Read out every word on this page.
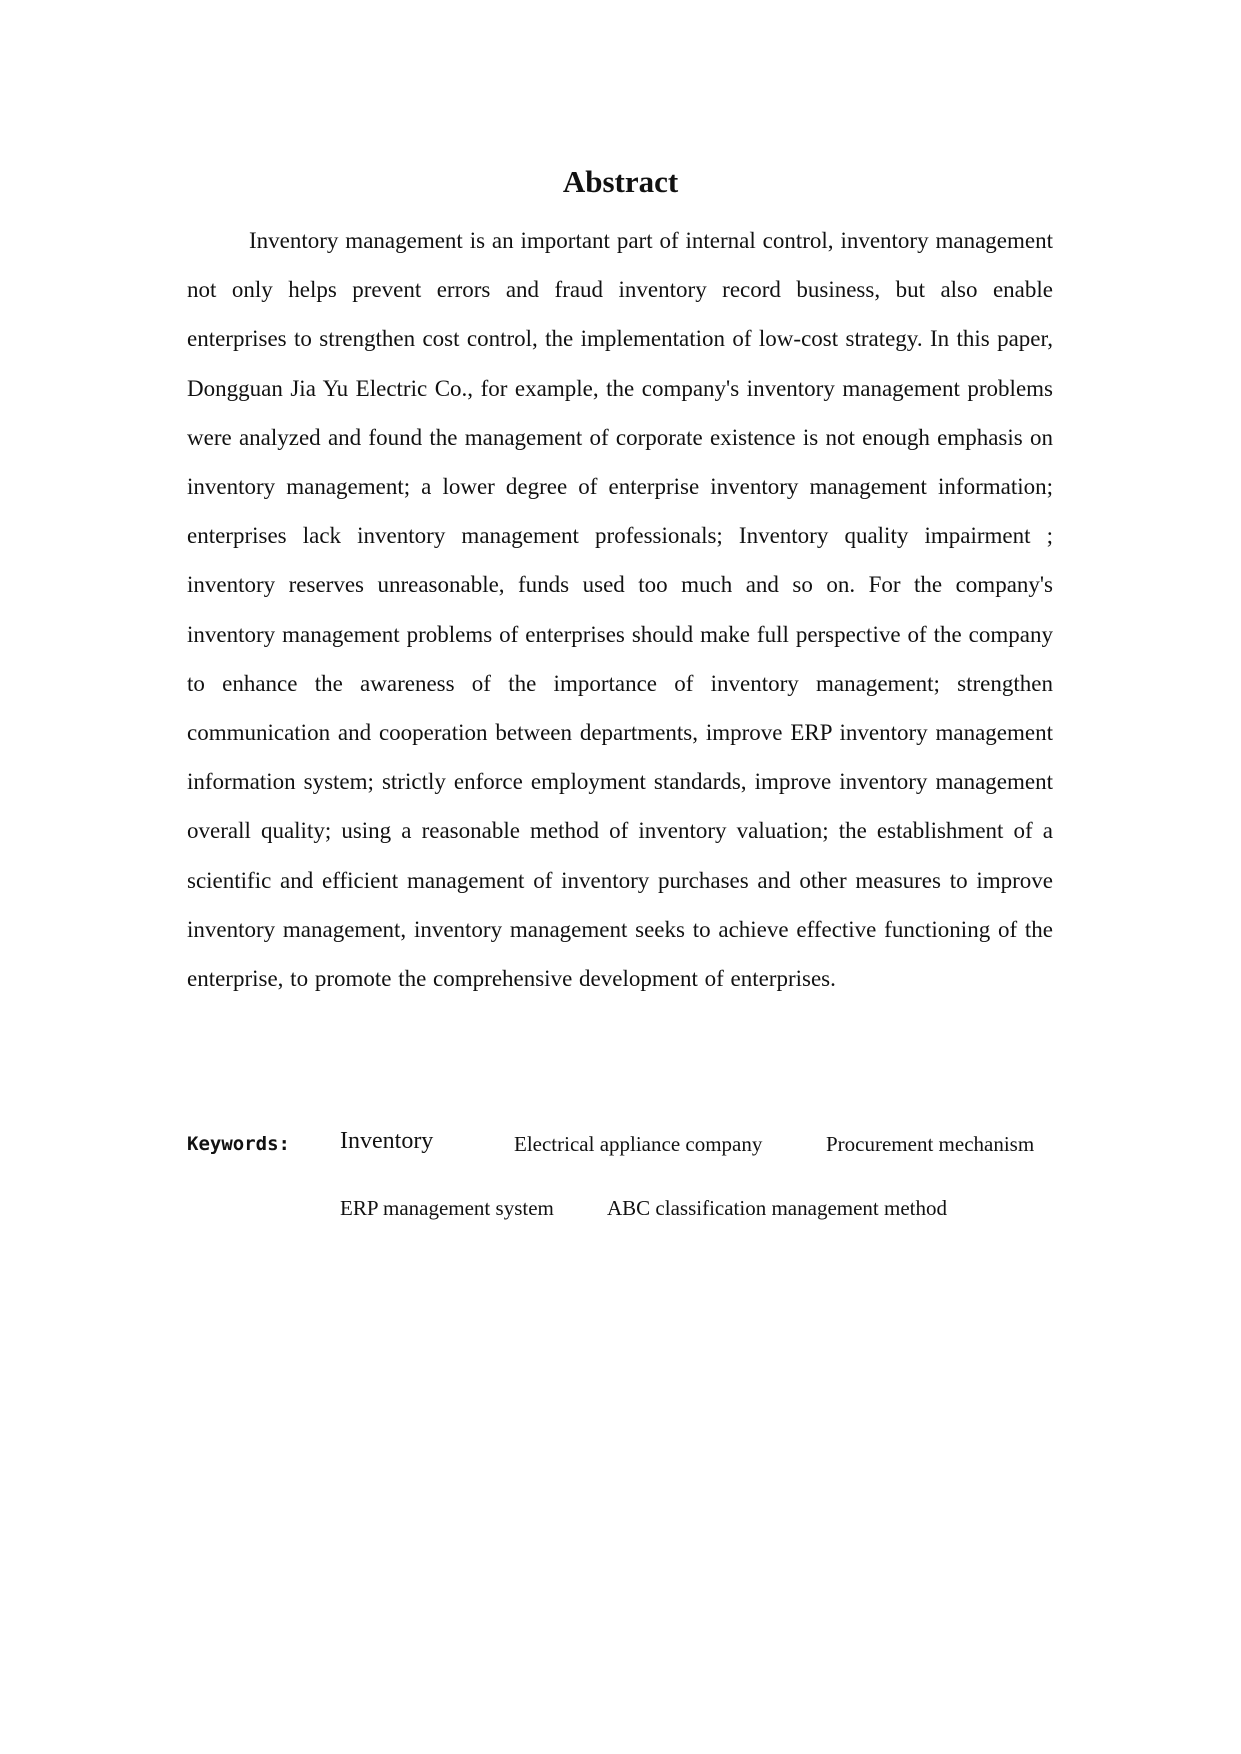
Abstract

Inventory management is an important part of internal control, inventory management not only helps prevent errors and fraud inventory record business, but also enable enterprises to strengthen cost control, the implementation of low-cost strategy. In this paper, Dongguan Jia Yu Electric Co., for example, the company's inventory management problems were analyzed and found the management of corporate existence is not enough emphasis on inventory management; a lower degree of enterprise inventory management information; enterprises lack inventory management professionals; Inventory quality impairment ; inventory reserves unreasonable, funds used too much and so on. For the company's inventory management problems of enterprises should make full perspective of the company to enhance the awareness of the importance of inventory management; strengthen communication and cooperation between departments, improve ERP inventory management information system; strictly enforce employment standards, improve inventory management overall quality; using a reasonable method of inventory valuation; the establishment of a scientific and efficient management of inventory purchases and other measures to improve inventory management, inventory management seeks to achieve effective functioning of the enterprise, to promote the comprehensive development of enterprises.

Keywords: Inventory	Electrical appliance company	Procurement mechanism
ERP management system	ABC classification management method
